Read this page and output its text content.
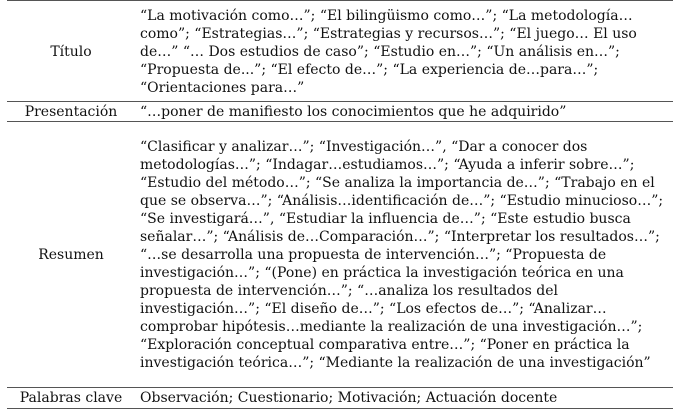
Título	“La motivación como…”; “El bilingüismo como…”; “La metodología…como”; “Estrategias…”; “Estrategias y recursos…”; “El juego… El uso de…” “… Dos estudios de caso”; “Estudio en…”; “Un análisis en…”; “Propuesta de...”; “El efecto de…”; “La experiencia de…para…”; “Orientaciones para…”
Presentación	“…poner de manifiesto los conocimientos que he adquirido”
Resumen	“Clasificar y analizar…”; “Investigación…”, “Dar a conocer dos metodologías…”; “Indagar…estudiamos…”; “Ayuda a inferir sobre…”; “Estudio del método…”; “Se analiza la importancia de…”; “Trabajo en el que se observa…”; “Análisis…identificación de…”; “Estudio minucioso…”; “Se investigará…”, “Estudiar la influencia de…”; “Este estudio busca señalar…”; “Análisis de…Comparación…”; “Interpretar los resultados…”; “…se desarrolla una propuesta de intervención…”; “Propuesta de investigación…”; “(Pone) en práctica la investigación teórica en una propuesta de intervención…”; “…analiza los resultados del investigación…”; “El diseño de…”; “Los efectos de…”; “Analizar…comprobar hipótesis…mediante la realización de una investigación…”; “Exploración conceptual comparativa entre…”; “Poner en práctica la investigación teórica…”; “Mediante la realización de una investigación”
Palabras clave	Observación; Cuestionario; Motivación; Actuación docente
